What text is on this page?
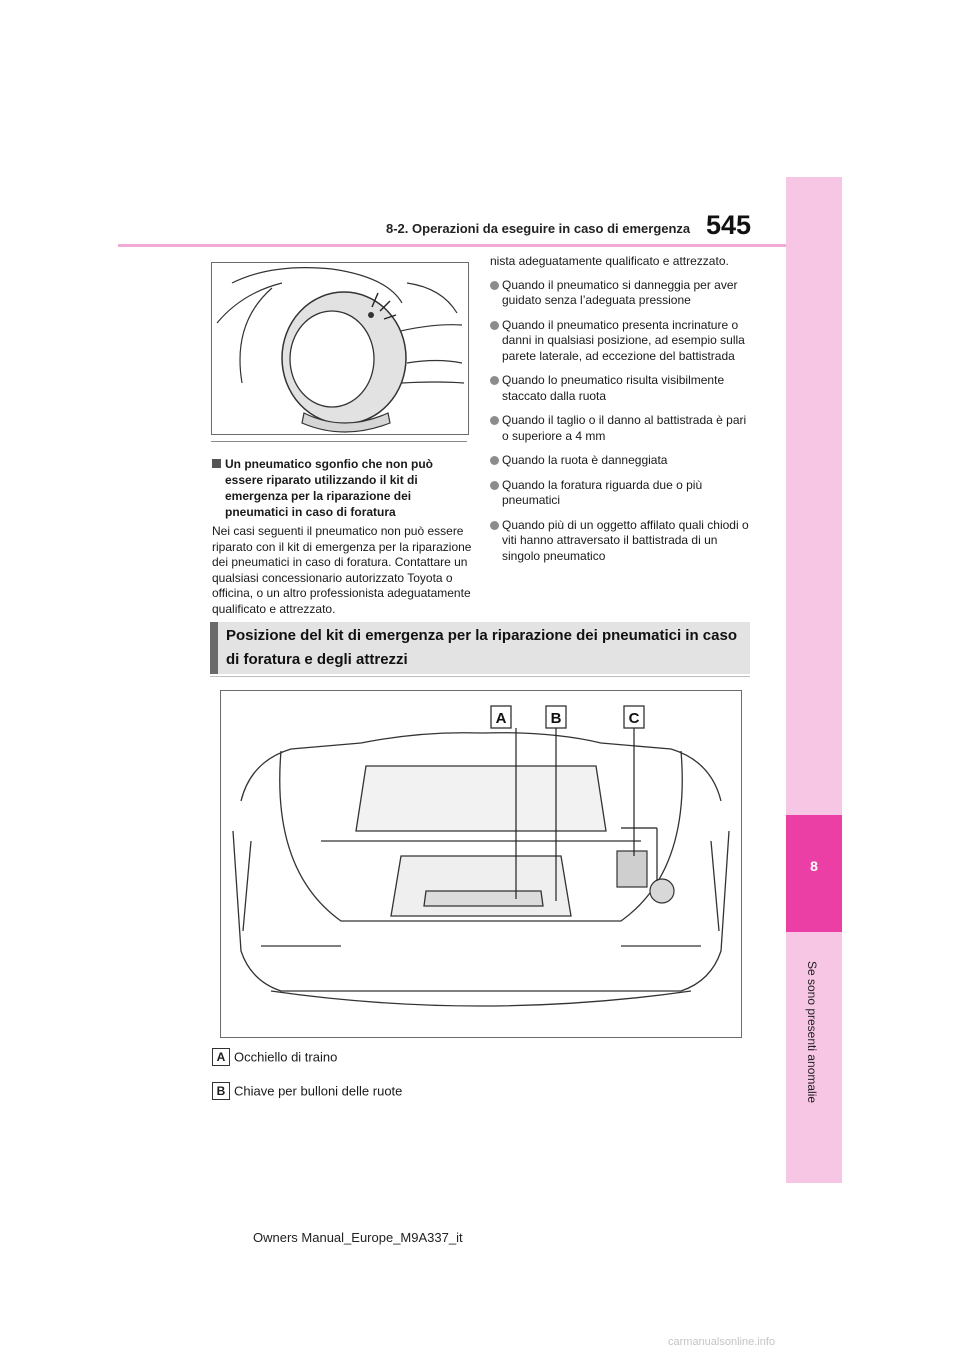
545
8-2. Operazioni da eseguire in caso di emergenza
8
Se sono presenti anomalie
Un pneumatico sgonfio che non può essere riparato utilizzando il kit di emergenza per la riparazione dei pneumatici in caso di foratura
Nei casi seguenti il pneumatico non può essere riparato con il kit di emergenza per la riparazione dei pneumatici in caso di foratura. Contattare un qualsiasi concessionario autorizzato Toyota o officina, o un altro professionista adeguatamente qualificato e attrezzato.

nista adeguatamente qualificato e attrezzato.

Quando il pneumatico si danneggia per aver guidato senza l’adeguata pressione
Quando il pneumatico presenta incrinature o danni in qualsiasi posizione, ad esempio sulla parete laterale, ad eccezione del battistrada
Quando lo pneumatico risulta visibilmente staccato dalla ruota
Quando il taglio o il danno al battistrada è pari o superiore a 4 mm
Quando la ruota è danneggiata
Quando la foratura riguarda due o più pneumatici
Quando più di un oggetto affilato quali chiodi o viti hanno attraversato il battistrada di un singolo pneumatico
Posizione del kit di emergenza per la riparazione dei pneumatici in caso di foratura e degli attrezzi
A	B	C
A Occhiello di traino
B Chiave per bulloni delle ruote
Owners Manual_Europe_M9A337_it
carmanualsonline.info
